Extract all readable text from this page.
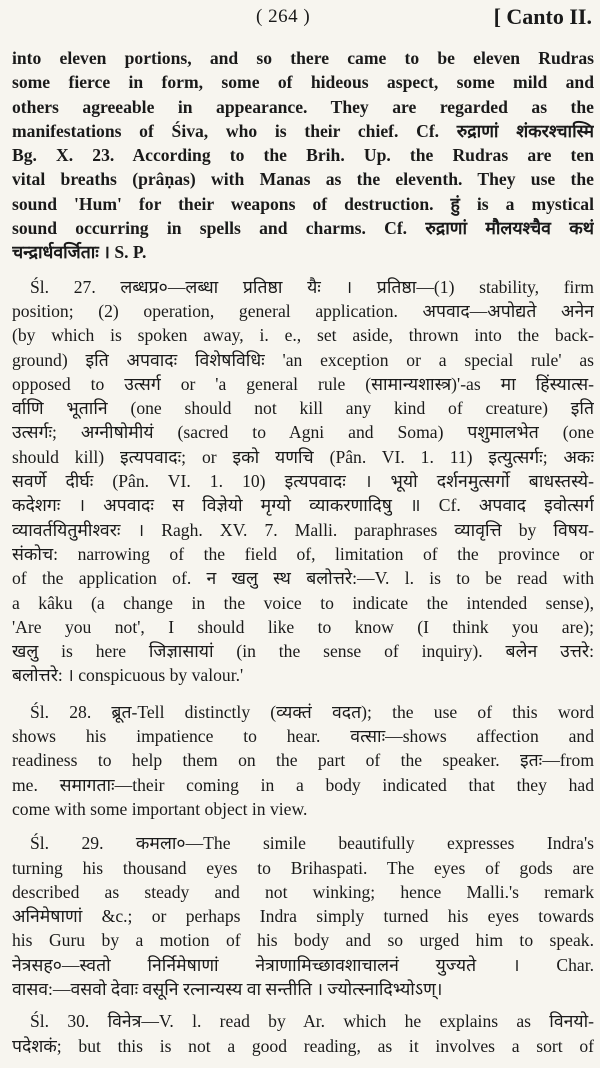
( 264 )	[ Canto II.
into eleven portions, and so there came to be eleven Rudras
some fierce in form, some of hideous aspect, some mild and
others agreeable in appearance. They are regarded as the
manifestations of Śiva, who is their chief. Cf. रुद्राणां शंकरश्चास्मि
Bg. X. 23. According to the Brih. Up. the Rudras are ten
vital breaths (prâṇas) with Manas as the eleventh. They use the
sound 'Hum' for their weapons of destruction. हुं is a mystical
sound occurring in spells and charms. Cf. रुद्राणां मौलयश्चैव कथं
चन्द्रार्धवर्जिताः । S. P.
Śl. 27. लब्धप्र०—लब्धा प्रतिष्ठा यैः । प्रतिष्ठा—(1) stability, firm
position; (2) operation, general application. अपवाद—अपोद्यते अनेन
(by which is spoken away, i. e., set aside, thrown into the back-
ground) इति अपवादः विशेषविधिः 'an exception or a special rule' as
opposed to उत्सर्ग or 'a general rule (सामान्यशास्त्र)'-as मा हिंस्यात्स-
र्वाणि भूतानि (one should not kill any kind of creature) इति
उत्सर्गः; अग्नीषोमीयं (sacred to Agni and Soma) पशुमालभेत (one
should kill) इत्यपवादः; or इको यणचि (Pân. VI. 1. 11) इत्युत्सर्गः; अकः
सवर्णे दीर्घः (Pân. VI. 1. 10) इत्यपवादः । भूयो दर्शनमुत्सर्गो बाधस्तस्ये-
कदेशगः । अपवादः स विज्ञेयो मृग्यो व्याकरणादिषु ॥ Cf. अपवाद इवोत्सर्ग
व्यावर्तयितुमीश्वरः । Ragh. XV. 7. Malli. paraphrases व्यावृत्ति by विषय-
संकोच: narrowing of the field of, limitation of the province or
of the application of. न खलु स्थ बलोत्तरे:—V. l. is to be read with
a kâku (a change in the voice to indicate the intended sense),
'Are you not', I should like to know (I think you are);
खलु is here जिज्ञासायां (in the sense of inquiry). बलेन उत्तरे:
बलोत्तरे: । conspicuous by valour.'
Śl. 28. ब्रूत-Tell distinctly (व्यक्तं वदत); the use of this word
shows his impatience to hear. वत्साः—shows affection and
readiness to help them on the part of the speaker. इतः—from
me. समागताः—their coming in a body indicated that they had
come with some important object in view.
Śl. 29. कमला०—The simile beautifully expresses Indra's
turning his thousand eyes to Brihaspati. The eyes of gods are
described as steady and not winking; hence Malli.'s remark
अनिमेषाणां &c.; or perhaps Indra simply turned his eyes towards
his Guru by a motion of his body and so urged him to speak.
नेत्रसह०—स्वतो निर्निमेषाणां नेत्राणामिच्छावशाचालनं युज्यते । Char.
वासव:—वसवो देवाः वसूनि रत्नान्यस्य वा सन्तीति । ज्योत्स्नादिभ्योऽण्।
Śl. 30. विनेत्र—V. l. read by Ar. which he explains as विनयो-
पदेशकं; but this is not a good reading, as it involves a sort of
